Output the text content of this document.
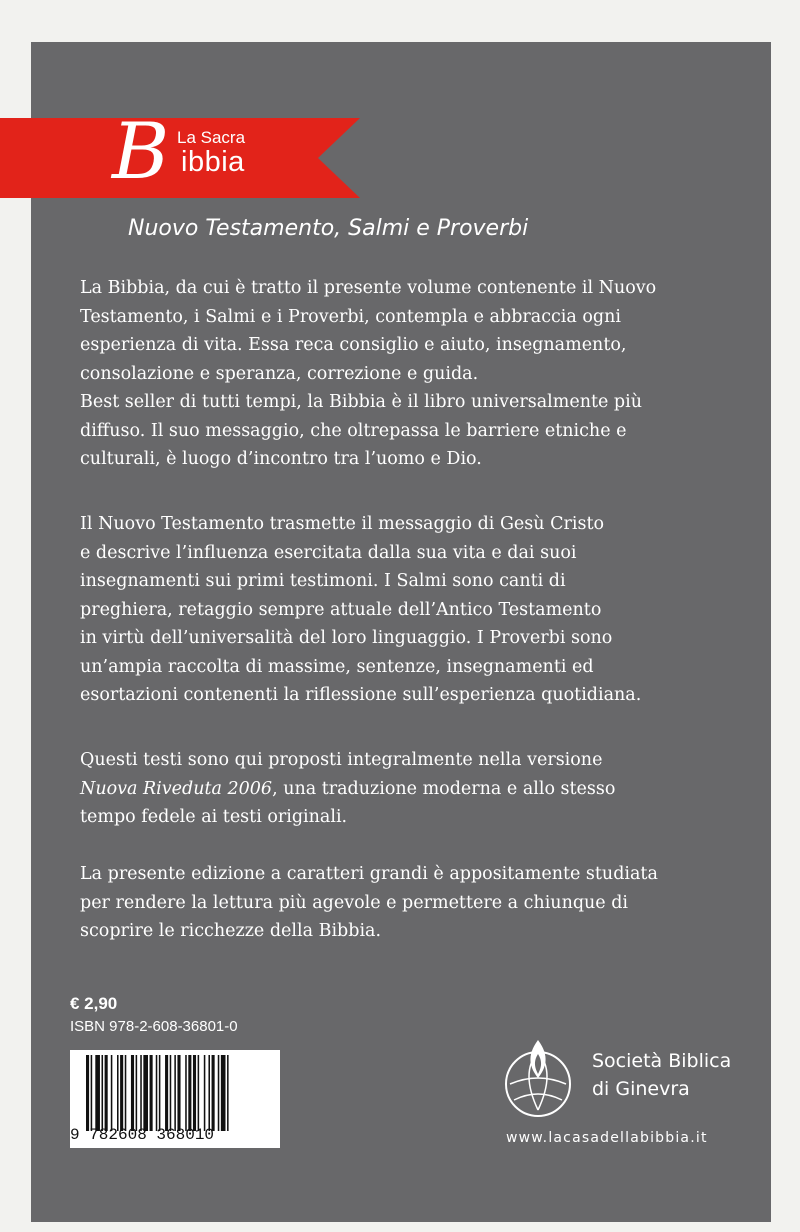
B La Sacra
ibbia
Nuovo Testamento, Salmi e Proverbi
La Bibbia, da cui è tratto il presente volume contenente il Nuovo
Testamento, i Salmi e i Proverbi, contempla e abbraccia ogni
esperienza di vita. Essa reca consiglio e aiuto, insegnamento,
consolazione e speranza, correzione e guida.
Best seller di tutti tempi, la Bibbia è il libro universalmente più
diffuso. Il suo messaggio, che oltrepassa le barriere etniche e
culturali, è luogo d’incontro tra l’uomo e Dio.
Il Nuovo Testamento trasmette il messaggio di Gesù Cristo
e descrive l’influenza esercitata dalla sua vita e dai suoi
insegnamenti sui primi testimoni. I Salmi sono canti di
preghiera, retaggio sempre attuale dell’Antico Testamento
in virtù dell’universalità del loro linguaggio. I Proverbi sono
un’ampia raccolta di massime, sentenze, insegnamenti ed
esortazioni contenenti la riflessione sull’esperienza quotidiana.
Questi testi sono qui proposti integralmente nella versione
Nuova Riveduta 2006, una traduzione moderna e allo stesso
tempo fedele ai testi originali.
La presente edizione a caratteri grandi è appositamente studiata
per rendere la lettura più agevole e permettere a chiunque di
scoprire le ricchezze della Bibbia.
€ 2,90
ISBN 978-2-608-36801-0
9 782608 368010
Società Biblica
di Ginevra
www.lacasadellabibbia.it
